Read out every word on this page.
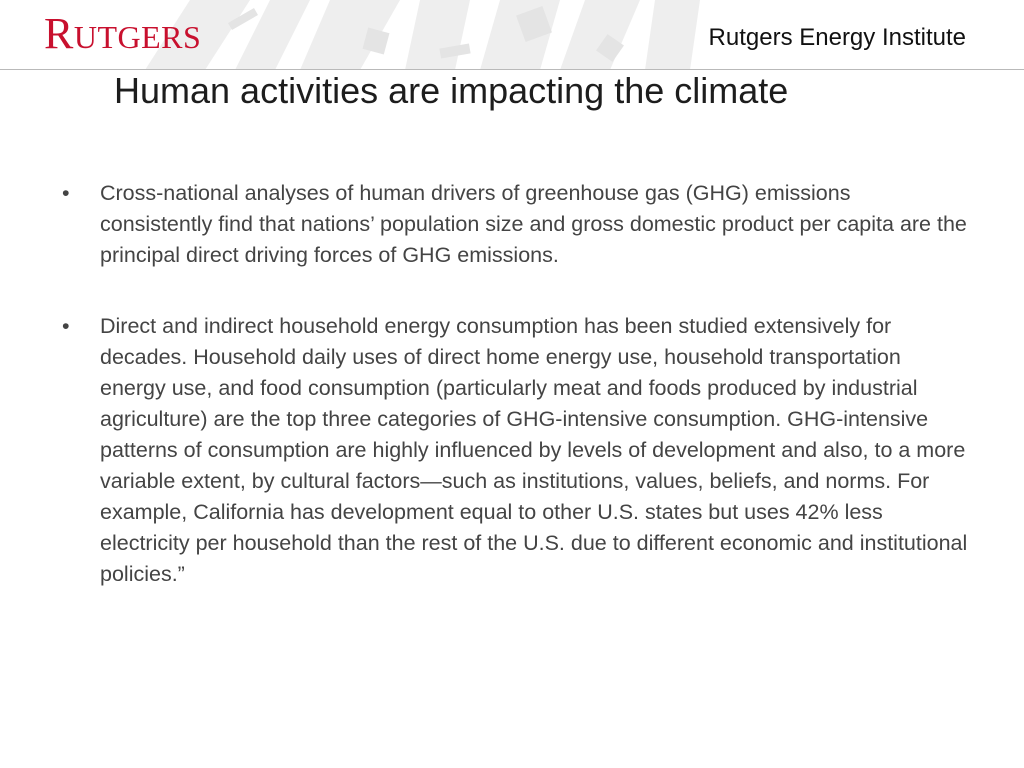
RUTGERS	Rutgers Energy Institute
Human activities are impacting the climate
• Cross-national analyses of human drivers of greenhouse gas (GHG) emissions consistently find that nations’ population size and gross domestic product per capita are the principal direct driving forces of GHG emissions.
• Direct and indirect household energy consumption has been studied extensively for decades. Household daily uses of direct home energy use, household transportation energy use, and food consumption (particularly meat and foods produced by industrial agriculture) are the top three categories of GHG-intensive consumption. GHG-intensive patterns of consumption are highly influenced by levels of development and also, to a more variable extent, by cultural factors—such as institutions, values, beliefs, and norms. For example, California has development equal to other U.S. states but uses 42% less electricity per household than the rest of the U.S. due to different economic and institutional policies.”
